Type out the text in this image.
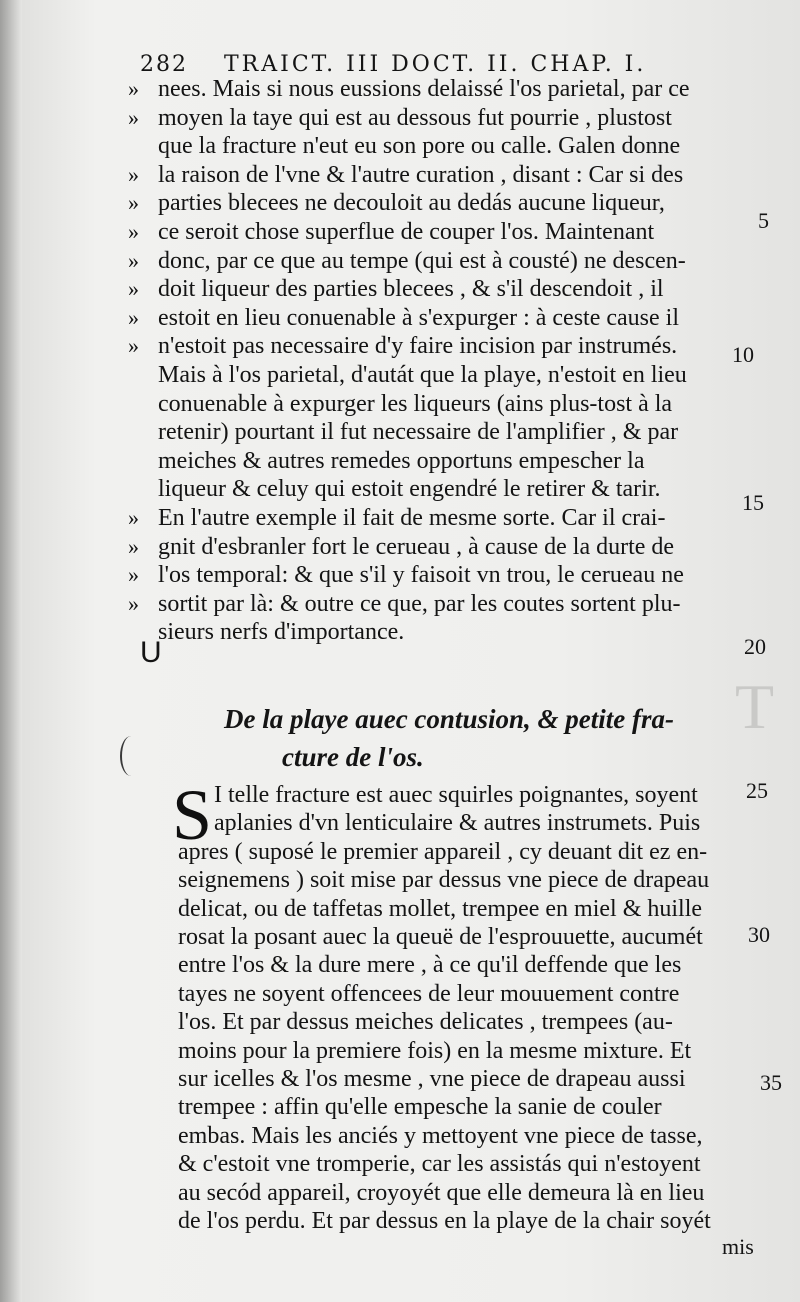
282 TRAICT. III DOCT. II. CHAP. I.
» nees. Mais si nous eussions delaissé l'os parietal, par ce
» moyen la taye qui est au dessous fut pourrie , plustost
que la fracture n'eut eu son pore ou calle. Galen donne
» la raison de l'vne & l'autre curation , disant : Car si des
» parties blecees ne decouloit au dedás aucune liqueur,
» ce seroit chose superflue de couper l'os. Maintenant
» donc, par ce que au tempe (qui est à cousté) ne descen-
» doit liqueur des parties blecees , & s'il descendoit , il
» estoit en lieu conuenable à s'expurger : à ceste cause il
» n'estoit pas necessaire d'y faire incision par instrumés.
Mais à l'os parietal, d'autát que la playe, n'estoit en lieu
conuenable à expurger les liqueurs (ains plus-tost à la
retenir) pourtant il fut necessaire de l'amplifier , & par
meiches & autres remedes opportuns empescher la
liqueur & celuy qui estoit engendré le retirer & tarir.
» En l'autre exemple il fait de mesme sorte. Car il crai-
» gnit d'esbranler fort le cerueau , à cause de la durte de
» l'os temporal: & que s'il y faisoit vn trou, le cerueau ne
» sortit par là: & outre ce que, par les coutes sortent plu-
sieurs nerfs d'importance.
U
T
De la playe auec contusion, & petite fra-
cture de l'os.
S I telle fracture est auec squirles poignantes, soyent
aplanies d'vn lenticulaire & autres instrumets. Puis
apres ( suposé le premier appareil , cy deuant dit ez en-
seignemens ) soit mise par dessus vne piece de drapeau
delicat, ou de taffetas mollet, trempee en miel & huille
rosat la posant auec la queuë de l'esprouuette, aucumét
entre l'os & la dure mere , à ce qu'il deffende que les
tayes ne soyent offencees de leur mouuement contre
l'os. Et par dessus meiches delicates , trempees (au-
moins pour la premiere fois) en la mesme mixture. Et
sur icelles & l'os mesme , vne piece de drapeau aussi
trempee : affin qu'elle empesche la sanie de couler
embas. Mais les anciés y mettoyent vne piece de tasse,
& c'estoit vne tromperie, car les assistás qui n'estoyent
au secód appareil, croyoyét que elle demeura là en lieu
de l'os perdu. Et par dessus en la playe de la chair soyét
mis
5
10
15
20
25
30
35
